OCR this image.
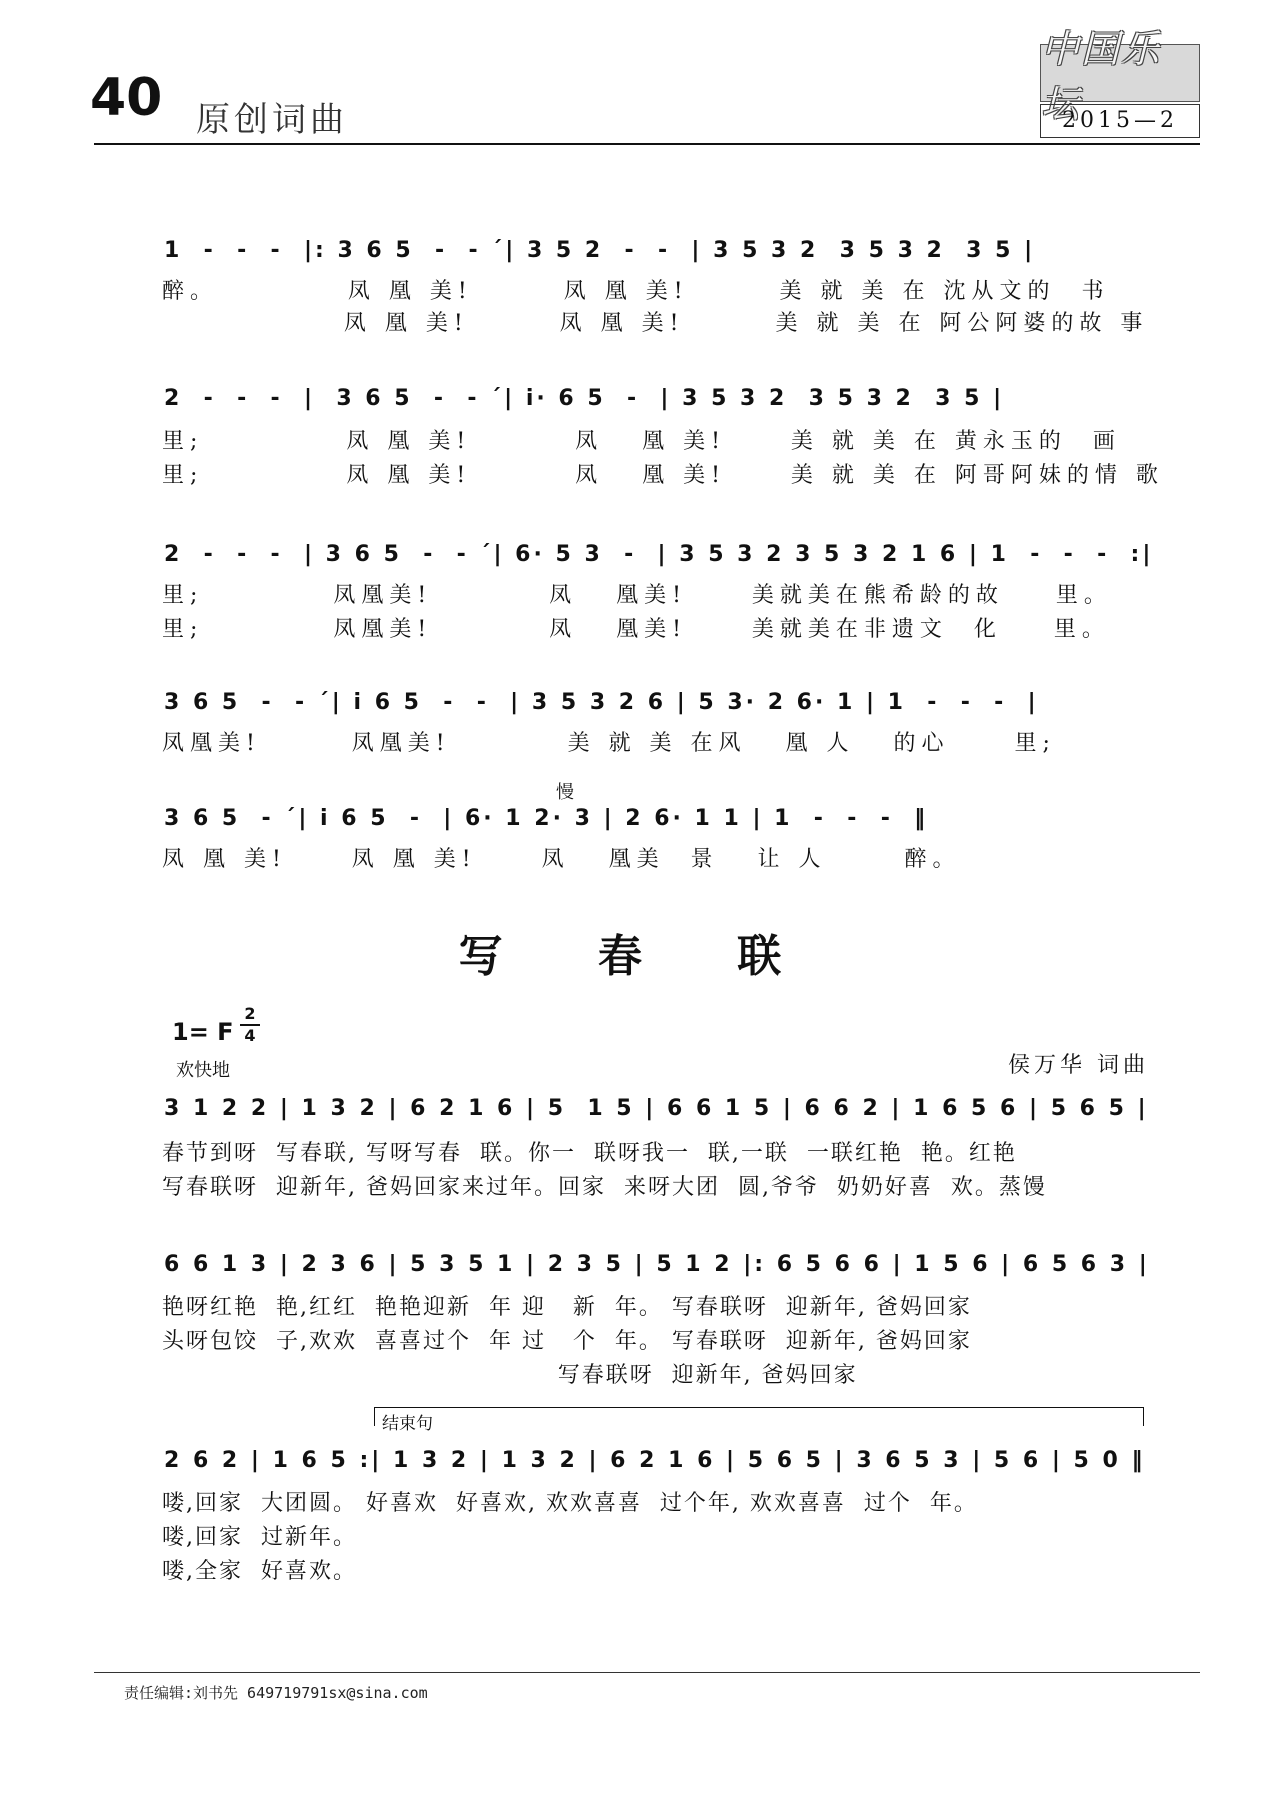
40 原创词曲
中国乐坛
2015—2
1  -  -  -  |: 3 6 5  -  - ˊ| 3 5 2  -  -  | 3 5 3 2  3 5 3 2  3 5 |
醉。          凤 凰 美!       凤 凰 美!       美 就 美 在 沈从文的  书
凤 凰 美!       凤 凰 美!       美 就 美 在 阿公阿婆的故 事
2  -  -  -  |  3 6 5  -  - ˊ| i· 6 5  -  | 3 5 3 2  3 5 3 2  3 5 |
里;           凤 凰 美!        凤   凰 美!     美 就 美 在 黄永玉的  画
里;           凤 凰 美!        凤   凰 美!     美 就 美 在 阿哥阿妹的情 歌
2  -  -  -  | 3 6 5  -  - ˊ| 6· 5 3  -  | 3 5 3 2 3 5 3 2 1 6 | 1  -  -  -  :|
里;          凤凰美!         凤   凰美!     美就美在熊希龄的故    里。
里;          凤凰美!         凤   凰美!     美就美在非遗文  化    里。
3 6 5  -  - ˊ| i 6 5  -  -  | 3 5 3 2 6 | 5 3· 2 6· 1 | 1  -  -  -  |
凤凰美!       凤凰美!         美 就 美 在风   凰 人   的心     里;
慢
3 6 5  - ˊ| i 6 5  -  | 6· 1 2· 3 | 2 6· 1 1 | 1  -  -  -  ‖
凤 凰 美!     凤 凰 美!     凤   凰美  景   让 人      醉。
写 春 联
1= F
2
4
欢快地	侯万华 词曲
3 1 2 2 | 1 3 2 | 6 2 1 6 | 5  1 5 | 6 6 1 5 | 6 6 2 | 1 6 5 6 | 5 6 5 |
春节到呀  写春联, 写呀写春  联。你一  联呀我一  联,一联  一联红艳  艳。红艳
写春联呀  迎新年, 爸妈回家来过年。回家  来呀大团  圆,爷爷  奶奶好喜  欢。蒸馒
6 6 1 3 | 2 3 6 | 5 3 5 1 | 2 3 5 | 5 1 2 |: 6 5 6 6 | 1 5 6 | 6 5 6 3 |
艳呀红艳  艳,红红  艳艳迎新  年 迎   新  年。 写春联呀  迎新年, 爸妈回家
头呀包饺  子,欢欢  喜喜过个  年 过   个  年。 写春联呀  迎新年, 爸妈回家
写春联呀  迎新年, 爸妈回家
结束句
2 6 2 | 1 6 5 :| 1 3 2 | 1 3 2 | 6 2 1 6 | 5 6 5 | 3 6 5 3 | 5 6 | 5 0 ‖
喽,回家  大团圆。 好喜欢  好喜欢, 欢欢喜喜  过个年, 欢欢喜喜  过个  年。
喽,回家  过新年。
喽,全家  好喜欢。
责任编辑:刘书先 649719791sx@sina.com
